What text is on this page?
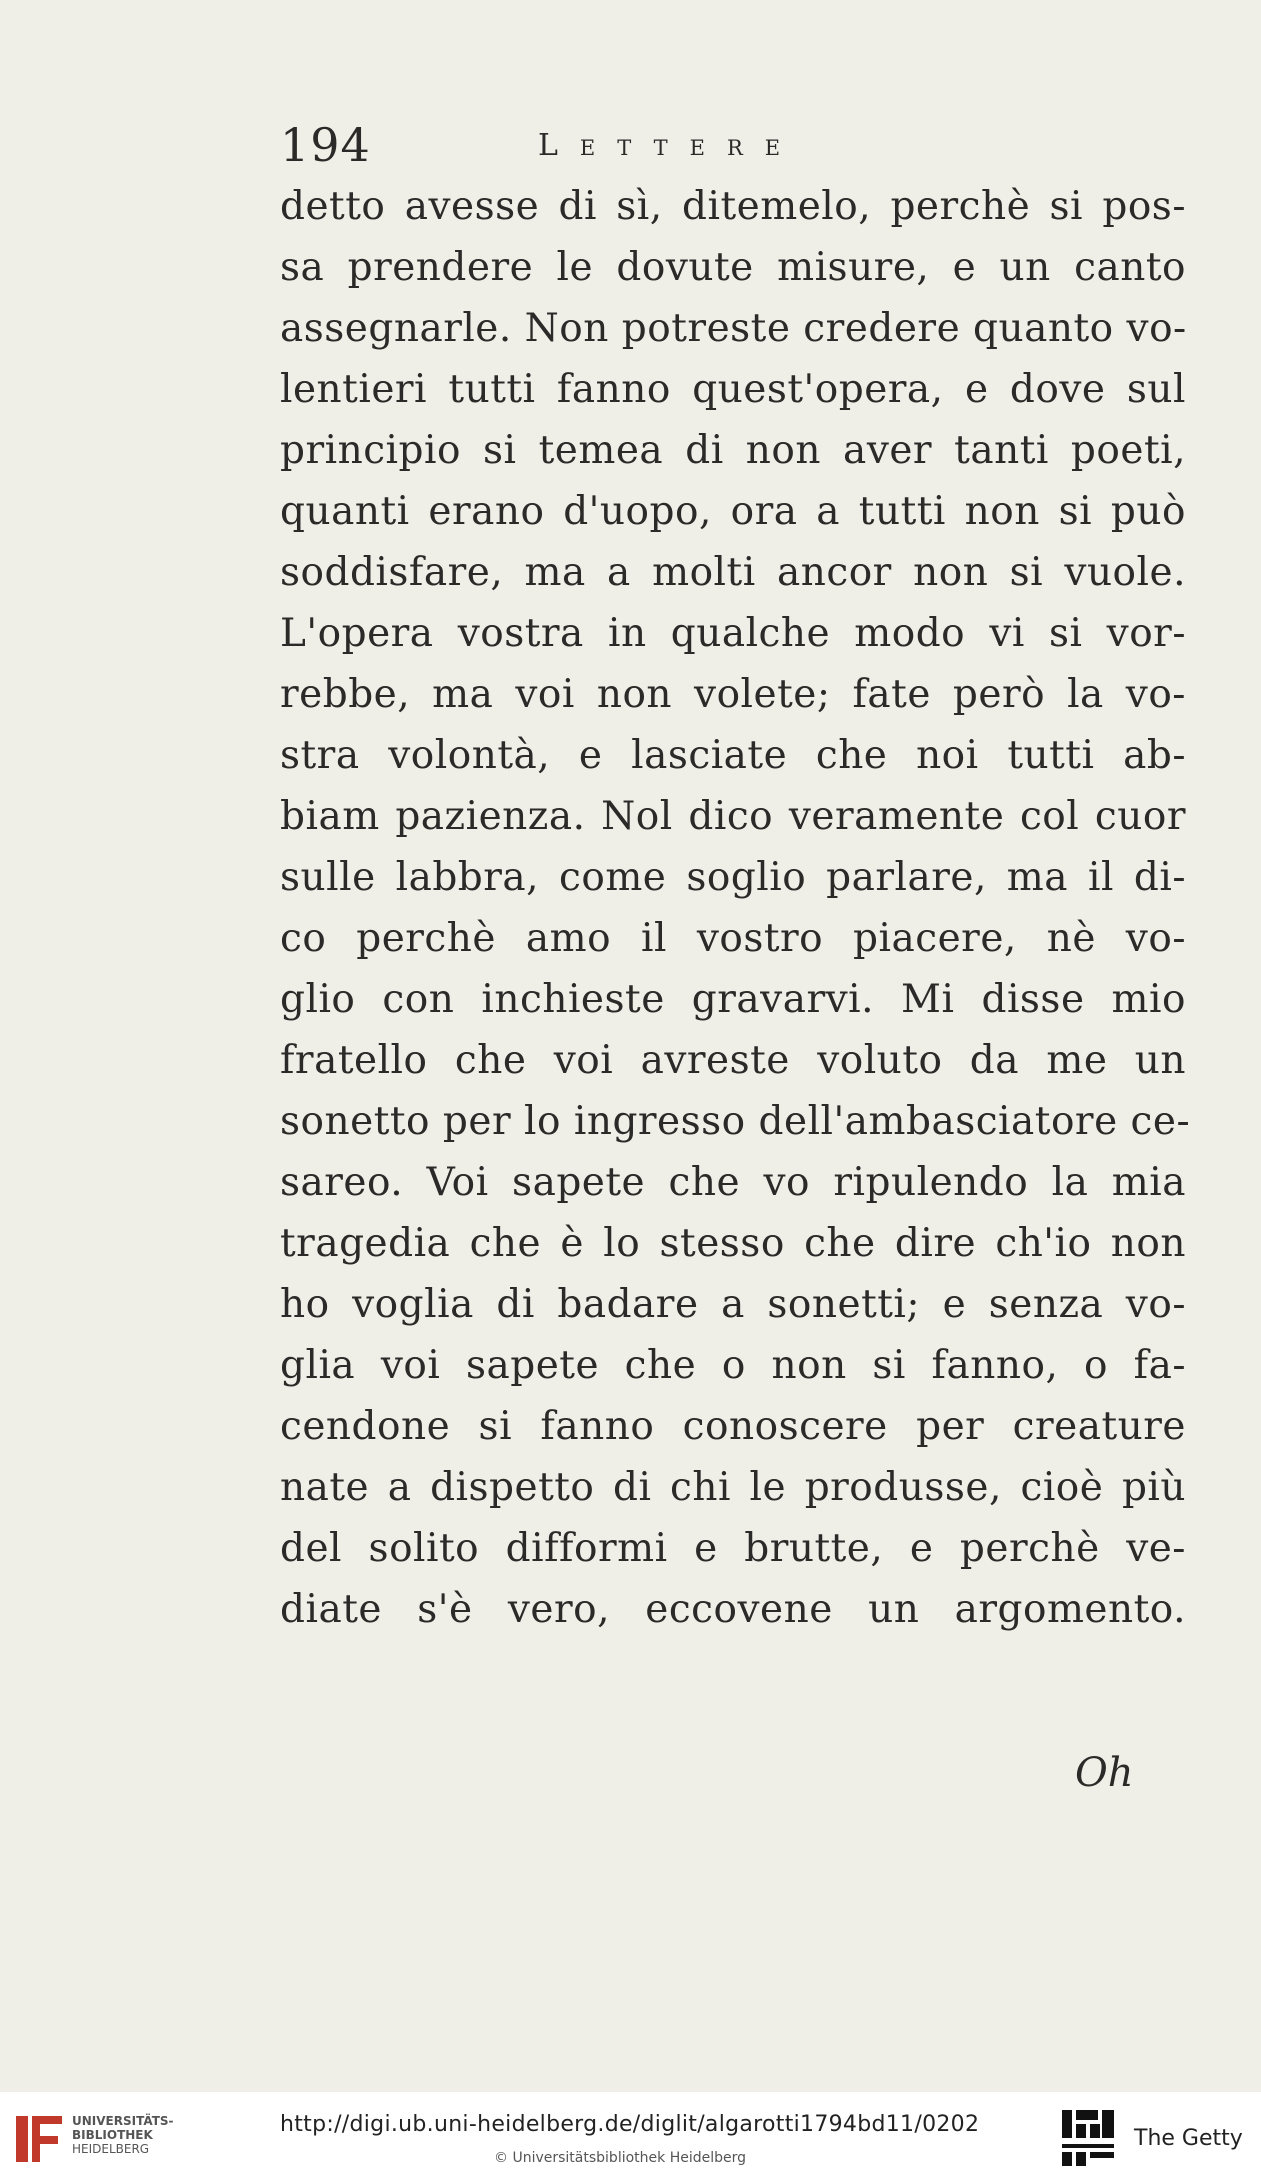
194	Lettere
detto avesse di sì, ditemelo, perchè si pos-
sa prendere le dovute misure, e un canto
assegnarle. Non potreste credere quanto vo-
lentieri tutti fanno quest'opera, e dove sul
principio si temea di non aver tanti poeti,
quanti erano d'uopo, ora a tutti non si può
soddisfare, ma a molti ancor non si vuole.
L'opera vostra in qualche modo vi si vor-
rebbe, ma voi non volete; fate però la vo-
stra volontà, e lasciate che noi tutti ab-
biam pazienza. Nol dico veramente col cuor
sulle labbra, come soglio parlare, ma il di-
co perchè amo il vostro piacere, nè vo-
glio con inchieste gravarvi. Mi disse mio
fratello che voi avreste voluto da me un
sonetto per lo ingresso dell'ambasciatore ce-
sareo. Voi sapete che vo ripulendo la mia
tragedia che è lo stesso che dire ch'io non
ho voglia di badare a sonetti; e senza vo-
glia voi sapete che o non si fanno, o fa-
cendone si fanno conoscere per creature
nate a dispetto di chi le produsse, cioè più
del solito difformi e brutte, e perchè ve-
diate s'è vero, eccovene un argomento.
Oh
UNIVERSITÄTS-
BIBLIOTHEK
HEIDELBERG
http://digi.ub.uni-heidelberg.de/diglit/algarotti1794bd11/0202
© Universitätsbibliothek Heidelberg
The Getty
